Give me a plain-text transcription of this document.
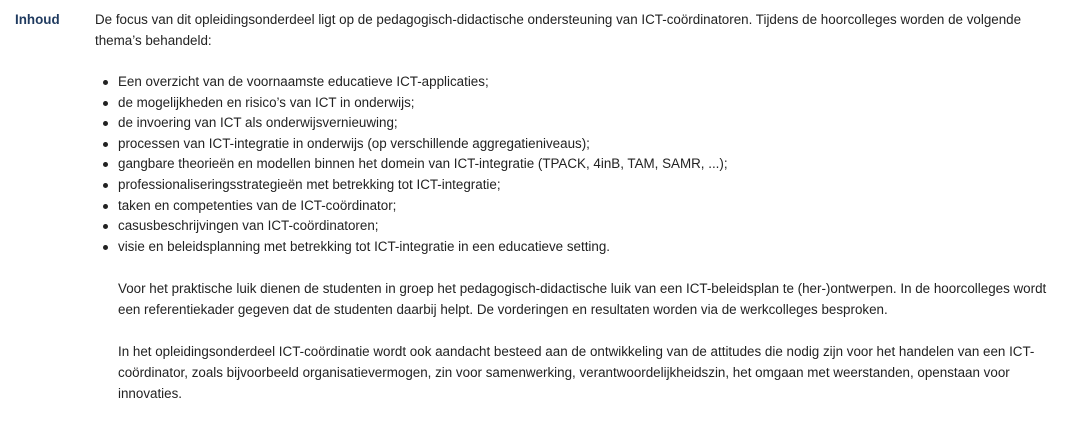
Inhoud	De focus van dit opleidingsonderdeel ligt op de pedagogisch-didactische ondersteuning van ICT-coördinatoren. Tijdens de hoorcolleges worden de volgende thema’s behandeld:

Een overzicht van de voornaamste educatieve ICT-applicaties;
de mogelijkheden en risico’s van ICT in onderwijs;
de invoering van ICT als onderwijsvernieuwing;
processen van ICT-integratie in onderwijs (op verschillende aggregatieniveaus);
gangbare theorieën en modellen binnen het domein van ICT-integratie (TPACK, 4inB, TAM, SAMR, ...);
professionaliseringsstrategieën met betrekking tot ICT-integratie;
taken en competenties van de ICT-coördinator;
casusbeschrijvingen van ICT-coördinatoren;
visie en beleidsplanning met betrekking tot ICT-integratie in een educatieve setting.

Voor het praktische luik dienen de studenten in groep het pedagogisch-didactische luik van een ICT-beleidsplan te (her-)ontwerpen. In de hoorcolleges wordt een referentiekader gegeven dat de studenten daarbij helpt. De vorderingen en resultaten worden via de werkcolleges besproken.

In het opleidingsonderdeel ICT-coördinatie wordt ook aandacht besteed aan de ontwikkeling van de attitudes die nodig zijn voor het handelen van een ICT-coördinator, zoals bijvoorbeeld organisatievermogen, zin voor samenwerking, verantwoordelijkheidszin, het omgaan met weerstanden, openstaan voor innovaties.
